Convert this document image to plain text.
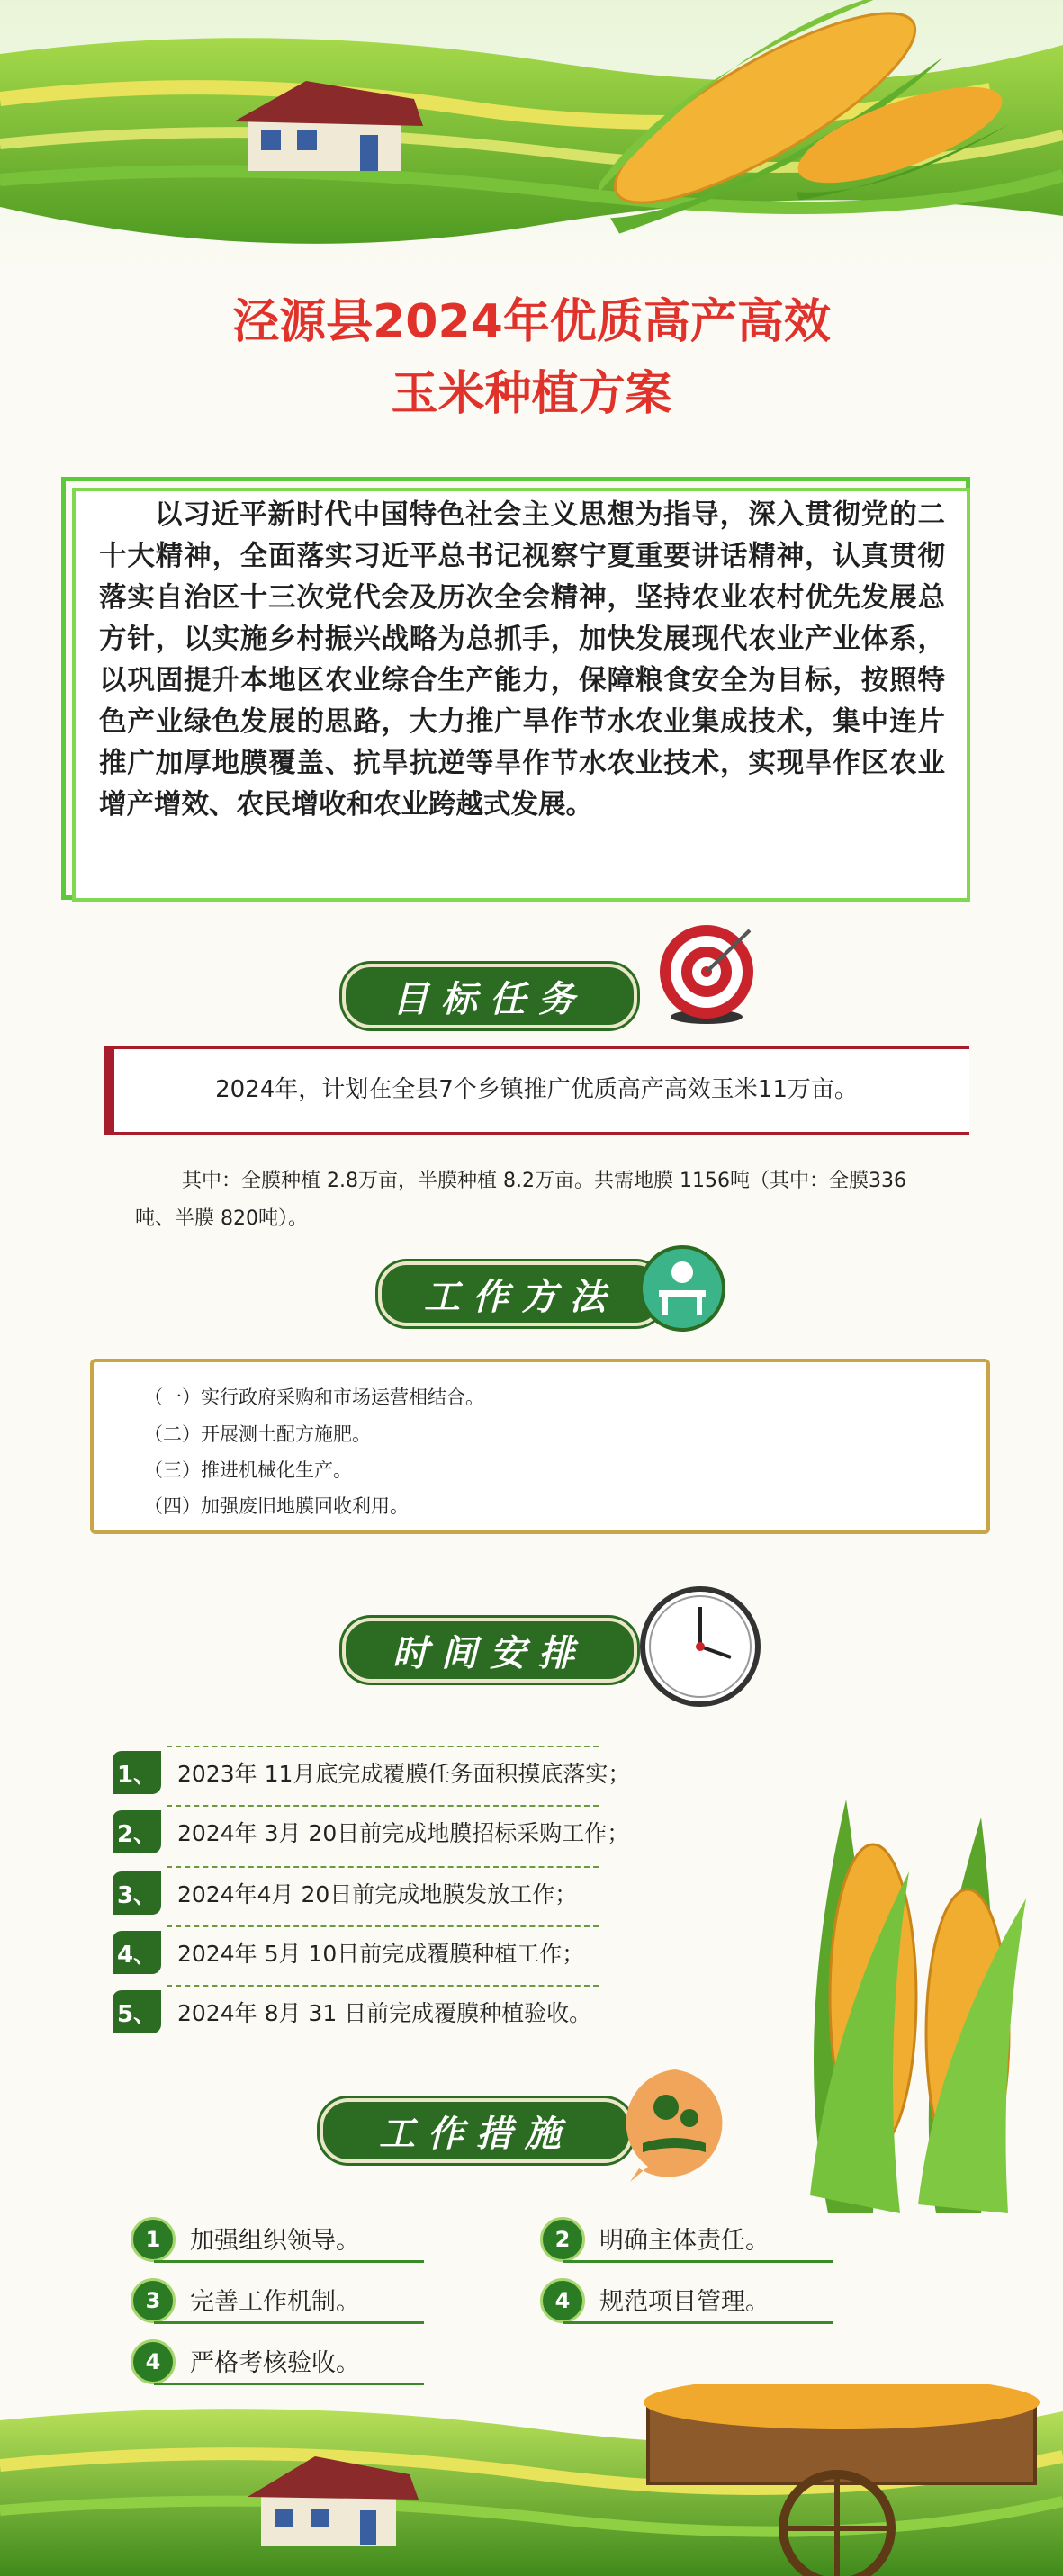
泾源县2024年优质高产高效
玉米种植方案
以习近平新时代中国特色社会主义思想为指导，深入贯彻党的二十大精神，全面落实习近平总书记视察宁夏重要讲话精神，认真贯彻落实自治区十三次党代会及历次全会精神，坚持农业农村优先发展总方针，以实施乡村振兴战略为总抓手，加快发展现代农业产业体系，以巩固提升本地区农业综合生产能力，保障粮食安全为目标，按照特色产业绿色发展的思路，大力推广旱作节水农业集成技术，集中连片推广加厚地膜覆盖、抗旱抗逆等旱作节水农业技术，实现旱作区农业增产增效、农民增收和农业跨越式发展。
目标任务
2024年，计划在全县7个乡镇推广优质高产高效玉米11万亩。
其中：全膜种植 2.8万亩，半膜种植 8.2万亩。共需地膜 1156吨（其中：全膜336吨、半膜 820吨）。
工作方法
（一）实行政府采购和市场运营相结合。
（二）开展测土配方施肥。
（三）推进机械化生产。
（四）加强废旧地膜回收利用。
时间安排
1、 2023年 11月底完成覆膜任务面积摸底落实；
2、 2024年 3月 20日前完成地膜招标采购工作；
3、 2024年4月 20日前完成地膜发放工作；
4、 2024年 5月 10日前完成覆膜种植工作；
5、 2024年 8月 31 日前完成覆膜种植验收。
工作措施
1	加强组织领导。	2	明确主体责任。
3	完善工作机制。	4	规范项目管理。
4	严格考核验收。
